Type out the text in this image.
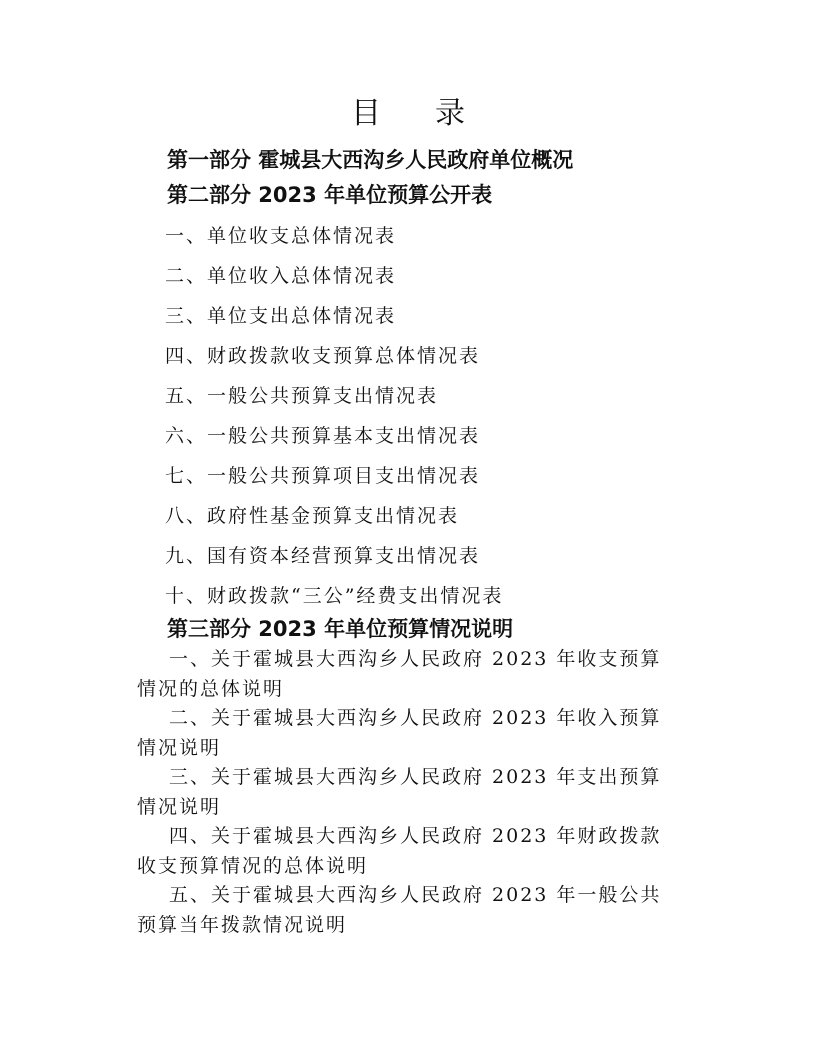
目录
第一部分 霍城县大西沟乡人民政府单位概况
第二部分 2023 年单位预算公开表
一、单位收支总体情况表
二、单位收入总体情况表
三、单位支出总体情况表
四、财政拨款收支预算总体情况表
五、一般公共预算支出情况表
六、一般公共预算基本支出情况表
七、一般公共预算项目支出情况表
八、政府性基金预算支出情况表
九、国有资本经营预算支出情况表
十、财政拨款“三公”经费支出情况表
第三部分 2023 年单位预算情况说明
一、关于霍城县大西沟乡人民政府 2023 年收支预算
情况的总体说明
二、关于霍城县大西沟乡人民政府 2023 年收入预算
情况说明
三、关于霍城县大西沟乡人民政府 2023 年支出预算
情况说明
四、关于霍城县大西沟乡人民政府 2023 年财政拨款
收支预算情况的总体说明
五、关于霍城县大西沟乡人民政府 2023 年一般公共
预算当年拨款情况说明
